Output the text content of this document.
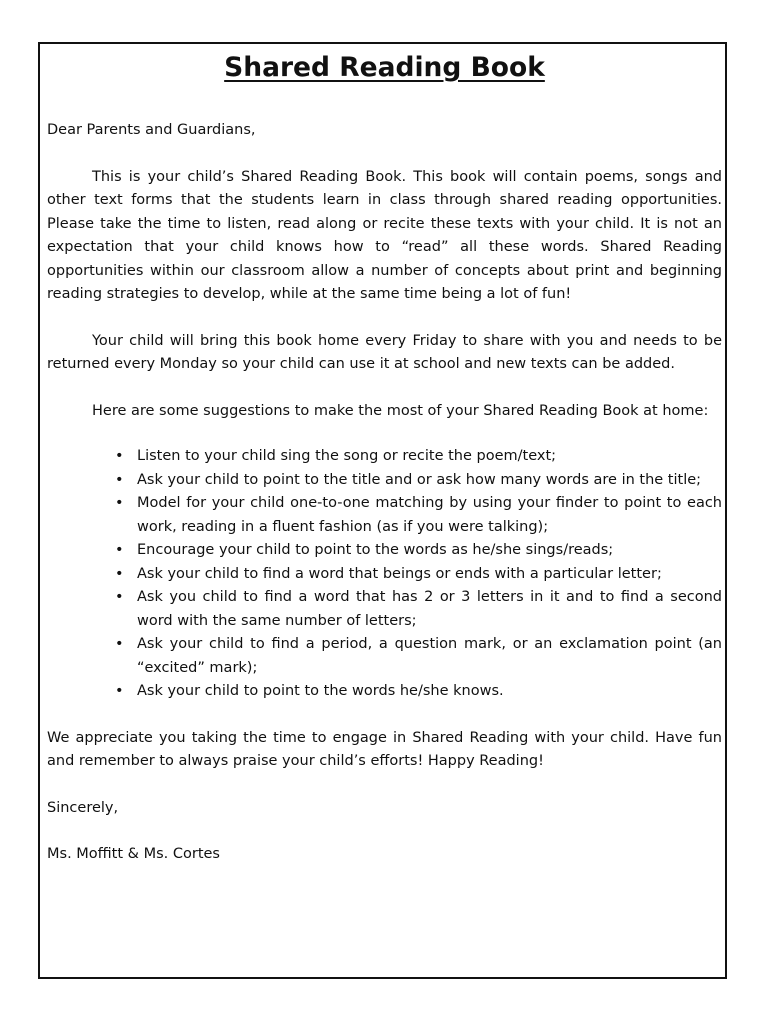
Shared Reading Book

Dear Parents and Guardians,

This is your child’s Shared Reading Book. This book will contain poems, songs and other text forms that the students learn in class through shared reading opportunities. Please take the time to listen, read along or recite these texts with your child. It is not an expectation that your child knows how to “read” all these words. Shared Reading opportunities within our classroom allow a number of concepts about print and beginning reading strategies to develop, while at the same time being a lot of fun!

Your child will bring this book home every Friday to share with you and needs to be returned every Monday so your child can use it at school and new texts can be added.

Here are some suggestions to make the most of your Shared Reading Book at home:

• Listen to your child sing the song or recite the poem/text;
• Ask your child to point to the title and or ask how many words are in the title;
• Model for your child one-to-one matching by using your finder to point to each work, reading in a fluent fashion (as if you were talking);
• Encourage your child to point to the words as he/she sings/reads;
• Ask your child to find a word that beings or ends with a particular letter;
• Ask you child to find a word that has 2 or 3 letters in it and to find a second word with the same number of letters;
• Ask your child to find a period, a question mark, or an exclamation point (an “excited” mark);
• Ask your child to point to the words he/she knows.

We appreciate you taking the time to engage in Shared Reading with your child. Have fun and remember to always praise your child’s efforts! Happy Reading!

Sincerely,

Ms. Moffitt & Ms. Cortes
